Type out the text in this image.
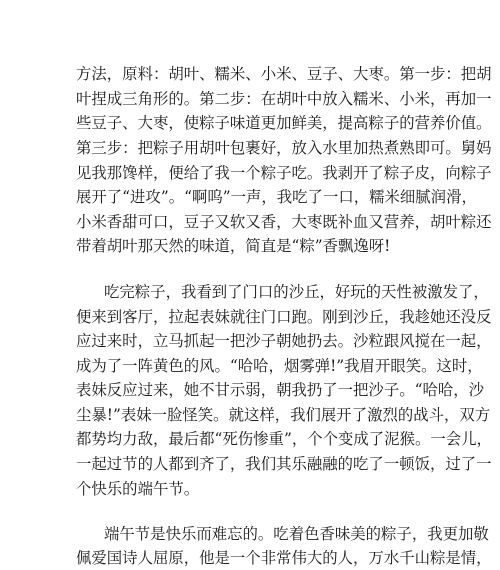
方法，原料：胡叶、糯米、小米、豆子、大枣。第一步：把胡
叶捏成三角形的。第二步：在胡叶中放入糯米、小米，再加一
些豆子、大枣，使粽子味道更加鲜美，提高粽子的营养价值。
第三步：把粽子用胡叶包裹好，放入水里加热煮熟即可。舅妈
见我那馋样，便给了我一个粽子吃。我剥开了粽子皮，向粽子
展开了“进攻”。“啊呜”一声，我吃了一口，糯米细腻润滑，
小米香甜可口，豆子又软又香，大枣既补血又营养，胡叶粽还
带着胡叶那天然的味道，简直是“粽”香飘逸呀!
吃完粽子，我看到了门口的沙丘，好玩的天性被激发了，
便来到客厅，拉起表妹就往门口跑。刚到沙丘，我趁她还没反
应过来时，立马抓起一把沙子朝她扔去。沙粒跟风搅在一起，
成为了一阵黄色的风。“哈哈，烟雾弹!”我眉开眼笑。这时，
表妹反应过来，她不甘示弱，朝我扔了一把沙子。“哈哈，沙
尘暴!”表妹一脸怪笑。就这样，我们展开了激烈的战斗，双方
都势均力敌，最后都“死伤惨重”，个个变成了泥猴。一会儿，
一起过节的人都到齐了，我们其乐融融的吃了一顿饭，过了一
个快乐的端午节。
端午节是快乐而难忘的。吃着色香味美的粽子，我更加敬
佩爱国诗人屈原，他是一个非常伟大的人，万水千山粽是情，
